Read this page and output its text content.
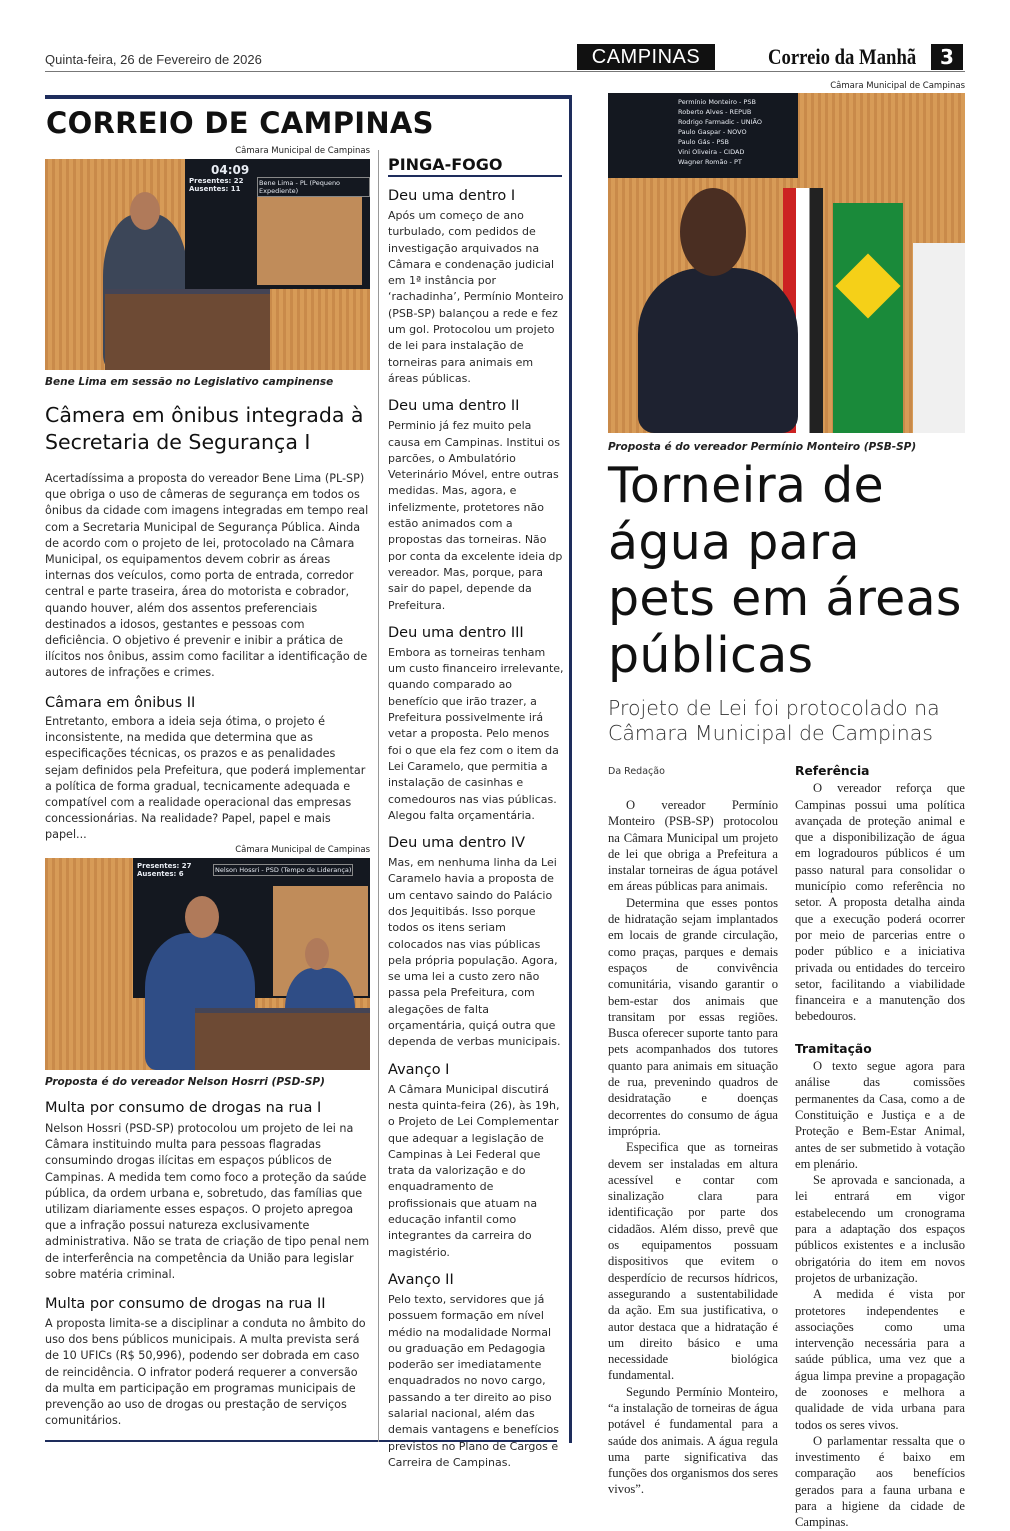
Quinta-feira, 26 de Fevereiro de 2026	CAMPINAS	Correio da Manhã	3
CORREIO DE CAMPINAS
Câmara Municipal de Campinas
04:09
Presentes: 22
Ausentes: 11
Bene Lima - PL (Pequeno Expediente)
Bene Lima em sessão no Legislativo campinense
Câmera em ônibus integrada à Secretaria de Segurança I
Acertadíssima a proposta do vereador Bene Lima (PL-SP) que obriga o uso de câmeras de segurança em todos os ônibus da cidade com imagens integradas em tempo real com a Secretaria Municipal de Segurança Pública. Ainda de acordo com o projeto de lei, protocolado na Câmara Municipal, os equipamentos devem cobrir as áreas internas dos veículos, como porta de entrada, corredor central e parte traseira, área do motorista e cobrador, quando houver, além dos assentos preferenciais destinados a idosos, gestantes e pessoas com deficiência. O objetivo é prevenir e inibir a prática de ilícitos nos ônibus, assim como facilitar a identificação de autores de infrações e crimes.
Câmara em ônibus II
Entretanto, embora a ideia seja ótima, o projeto é inconsistente, na medida que determina que as especificações técnicas, os prazos e as penalidades sejam definidos pela Prefeitura, que poderá implementar a política de forma gradual, tecnicamente adequada e compatível com a realidade operacional das empresas concessionárias. Na realidade? Papel, papel e mais papel...
Câmara Municipal de Campinas
Presentes: 27
Ausentes: 6	Nelson Hossri - PSD (Tempo de Liderança)
Proposta é do vereador Nelson Hosrri (PSD-SP)
Multa por consumo de drogas na rua I
Nelson Hossri (PSD-SP) protocolou um projeto de lei na Câmara instituindo multa para pessoas flagradas consumindo drogas ilícitas em espaços públicos de Campinas. A medida tem como foco a proteção da saúde pública, da ordem urbana e, sobretudo, das famílias que utilizam diariamente esses espaços. O projeto apregoa que a infração possui natureza exclusivamente administrativa. Não se trata de criação de tipo penal nem de interferência na competência da União para legislar sobre matéria criminal.
Multa por consumo de drogas na rua II
A proposta limita-se a disciplinar a conduta no âmbito do uso dos bens públicos municipais. A multa prevista será de 10 UFICs (R$ 50,996), podendo ser dobrada em caso de reincidência. O infrator poderá requerer a conversão da multa em participação em programas municipais de prevenção ao uso de drogas ou prestação de serviços comunitários.
PINGA-FOGO
Deu uma dentro I

Após um começo de ano turbulado, com pedidos de investigação arquivados na Câmara e condenação judicial em 1ª instância por ‘rachadinha’, Permínio Monteiro (PSB-SP) balançou a rede e fez um gol. Protocolou um projeto de lei para instalação de torneiras para animais em áreas públicas.

Deu uma dentro II

Perminio já fez muito pela causa em Campinas. Institui os parcões, o Ambulatório Veterinário Móvel, entre outras medidas. Mas, agora, e infelizmente, protetores não estão animados com a propostas das torneiras. Não por conta da excelente ideia dp vereador. Mas, porque, para sair do papel, depende da Prefeitura.

Deu uma dentro III

Embora as torneiras tenham um custo financeiro irrelevante, quando comparado ao benefício que irão trazer, a Prefeitura possivelmente irá vetar a proposta. Pelo menos foi o que ela fez com o item da Lei Caramelo, que permitia a instalação de casinhas e comedouros nas vias públicas. Alegou falta orçamentária.

Deu uma dentro IV

Mas, em nenhuma linha da Lei Caramelo havia a proposta de um centavo saindo do Palácio dos Jequitibás. Isso porque todos os itens seriam colocados nas vias públicas pela própria população. Agora, se uma lei a custo zero não passa pela Prefeitura, com alegações de falta orçamentária, quiçá outra que dependa de verbas municipais.

Avanço I

A Câmara Municipal discutirá nesta quinta-feira (26), às 19h, o Projeto de Lei Complementar que adequar a legislação de Campinas à Lei Federal que trata da valorização e do enquadramento de profissionais que atuam na educação infantil como integrantes da carreira do magistério.

Avanço II

Pelo texto, servidores que já possuem formação em nível médio na modalidade Normal ou graduação em Pedagogia poderão ser imediatamente enquadrados no novo cargo, passando a ter direito ao piso salarial nacional, além das demais vantagens e benefícios previstos no Plano de Cargos e Carreira de Campinas.

Câmara Municipal de Campinas
Permínio Monteiro - PSB
Roberto Alves - REPUB
Rodrigo Farmadic - UNIÃO
Paulo Gaspar - NOVO
Paulo Gás - PSB
Vini Oliveira - CIDAD
Wagner Romão - PT
Proposta é do vereador Permínio Monteiro (PSB-SP)
Torneira de água para pets em áreas públicas
Projeto de Lei foi protocolado na Câmara Municipal de Campinas
Da Redação

O vereador Permínio Monteiro (PSB-SP) protocolou na Câmara Municipal um projeto de lei que obriga a Prefeitura a instalar torneiras de água potável em áreas públicas para animais.

Determina que esses pontos de hidratação sejam implantados em locais de grande circulação, como praças, parques e demais espaços de convivência comunitária, visando garantir o bem-estar dos animais que transitam por essas regiões. Busca oferecer suporte tanto para pets acompanhados dos tutores quanto para animais em situação de rua, prevenindo quadros de desidratação e doenças decorrentes do consumo de água imprópria.

Especifica que as torneiras devem ser instaladas em altura acessível e contar com sinalização clara para identificação por parte dos cidadãos. Além disso, prevê que os equipamentos possuam dispositivos que evitem o desperdício de recursos hídricos, assegurando a sustentabilidade da ação. Em sua justificativa, o autor destaca que a hidratação é um direito básico e uma necessidade biológica fundamental.

Segundo Permínio Monteiro, “a instalação de torneiras de água potável é fundamental para a saúde dos animais. A água regula uma parte significativa das funções dos organismos dos seres vivos”.

Referência

O vereador reforça que Campinas possui uma política avançada de proteção animal e que a disponibilização de água em logradouros públicos é um passo natural para consolidar o município como referência no setor. A proposta detalha ainda que a execução poderá ocorrer por meio de parcerias entre o poder público e a iniciativa privada ou entidades do terceiro setor, facilitando a viabilidade financeira e a manutenção dos bebedouros.

Tramitação

O texto segue agora para análise das comissões permanentes da Casa, como a de Constituição e Justiça e a de Proteção e Bem-Estar Animal, antes de ser submetido à votação em plenário.

Se aprovada e sancionada, a lei entrará em vigor estabelecendo um cronograma para a adaptação dos espaços públicos existentes e a inclusão obrigatória do item em novos projetos de urbanização.

A medida é vista por protetores independentes e associações como uma intervenção necessária para a saúde pública, uma vez que a água limpa previne a propagação de zoonoses e melhora a qualidade de vida urbana para todos os seres vivos.

O parlamentar ressalta que o investimento é baixo em comparação aos benefícios gerados para a fauna urbana e para a higiene da cidade de Campinas.
